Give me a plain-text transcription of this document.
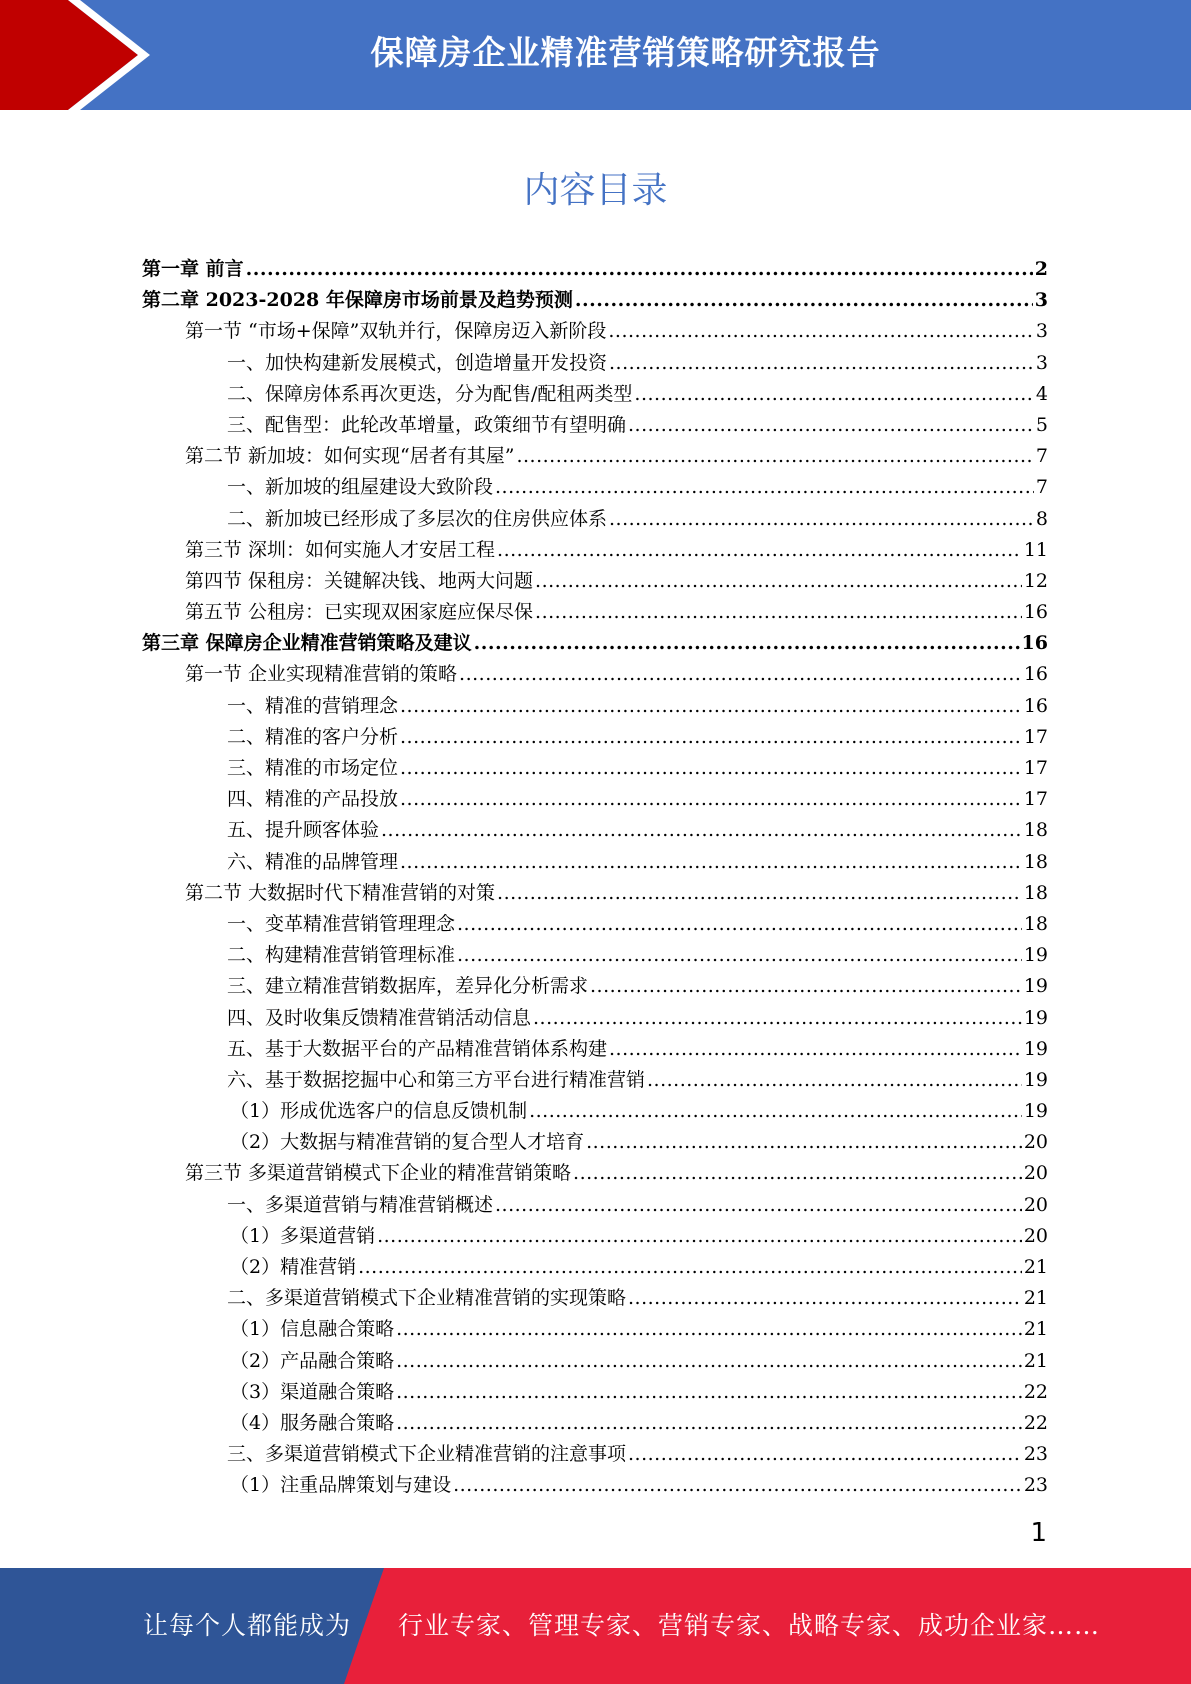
保障房企业精准营销策略研究报告
内容目录
第一章 前言 .....	2
第二章 2023-2028 年保障房市场前景及趋势预测 .....	3
第一节 “市场+保障”双轨并行，保障房迈入新阶段 .....	3
一、加快构建新发展模式，创造增量开发投资 .....	3
二、保障房体系再次更迭，分为配售/配租两类型 .....	4
三、配售型：此轮改革增量，政策细节有望明确 .....	5
第二节 新加坡：如何实现“居者有其屋” .....	7
一、新加坡的组屋建设大致阶段 .....	7
二、新加坡已经形成了多层次的住房供应体系 .....	8
第三节 深圳：如何实施人才安居工程 .....	11
第四节 保租房：关键解决钱、地两大问题 .....	12
第五节 公租房：已实现双困家庭应保尽保 .....	16
第三章 保障房企业精准营销策略及建议 .....	16
第一节 企业实现精准营销的策略 .....	16
一、精准的营销理念 .....	16
二、精准的客户分析 .....	17
三、精准的市场定位 .....	17
四、精准的产品投放 .....	17
五、提升顾客体验 .....	18
六、精准的品牌管理 .....	18
第二节 大数据时代下精准营销的对策 .....	18
一、变革精准营销管理理念 .....	18
二、构建精准营销管理标准 .....	19
三、建立精准营销数据库，差异化分析需求 .....	19
四、及时收集反馈精准营销活动信息 .....	19
五、基于大数据平台的产品精准营销体系构建 .....	19
六、基于数据挖掘中心和第三方平台进行精准营销 .....	19
（1）形成优选客户的信息反馈机制 .....	19
（2）大数据与精准营销的复合型人才培育 .....	20
第三节 多渠道营销模式下企业的精准营销策略 .....	20
一、多渠道营销与精准营销概述 .....	20
（1）多渠道营销 .....	20
（2）精准营销 .....	21
二、多渠道营销模式下企业精准营销的实现策略 .....	21
（1）信息融合策略 .....	21
（2）产品融合策略 .....	21
（3）渠道融合策略 .....	22
（4）服务融合策略 .....	22
三、多渠道营销模式下企业精准营销的注意事项 .....	23
（1）注重品牌策划与建设 .....	23
1
让每个人都能成为 行业专家、管理专家、营销专家、战略专家、成功企业家……
